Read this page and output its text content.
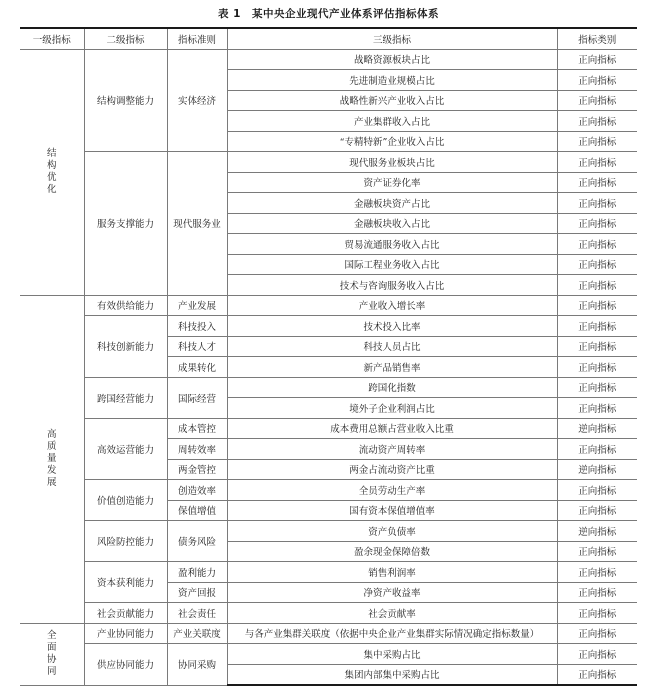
表 1　某中央企业现代产业体系评估指标体系
一级指标	二级指标	指标准则	三级指标	指标类别
结构优化	结构调整能力	实体经济	战略资源板块占比	正向指标
			先进制造业规模占比	正向指标
			战略性新兴产业收入占比	正向指标
			产业集群收入占比	正向指标
			“专精特新”企业收入占比	正向指标
	服务支撑能力	现代服务业	现代服务业板块占比	正向指标
			资产证券化率	正向指标
			金融板块资产占比	正向指标
			金融板块收入占比	正向指标
			贸易流通服务收入占比	正向指标
			国际工程业务收入占比	正向指标
			技术与咨询服务收入占比	正向指标
高质量发展	有效供给能力	产业发展	产业收入增长率	正向指标
	科技创新能力	科技投入	技术投入比率	正向指标
		科技人才	科技人员占比	正向指标
		成果转化	新产品销售率	正向指标
	跨国经营能力	国际经营	跨国化指数	正向指标
			境外子企业利润占比	正向指标
	高效运营能力	成本管控	成本费用总额占营业收入比重	逆向指标
		周转效率	流动资产周转率	正向指标
		两金管控	两金占流动资产比重	逆向指标
	价值创造能力	创造效率	全员劳动生产率	正向指标
		保值增值	国有资本保值增值率	正向指标
	风险防控能力	债务风险	资产负债率	逆向指标
			盈余现金保障倍数	正向指标
	资本获利能力	盈利能力	销售利润率	正向指标
		资产回报	净资产收益率	正向指标
	社会贡献能力	社会责任	社会贡献率	正向指标
全面协同	产业协同能力	产业关联度	与各产业集群关联度（依据中央企业产业集群实际情况确定指标数量）	正向指标
	供应协同能力	协同采购	集中采购占比	正向指标
			集团内部集中采购占比	正向指标
